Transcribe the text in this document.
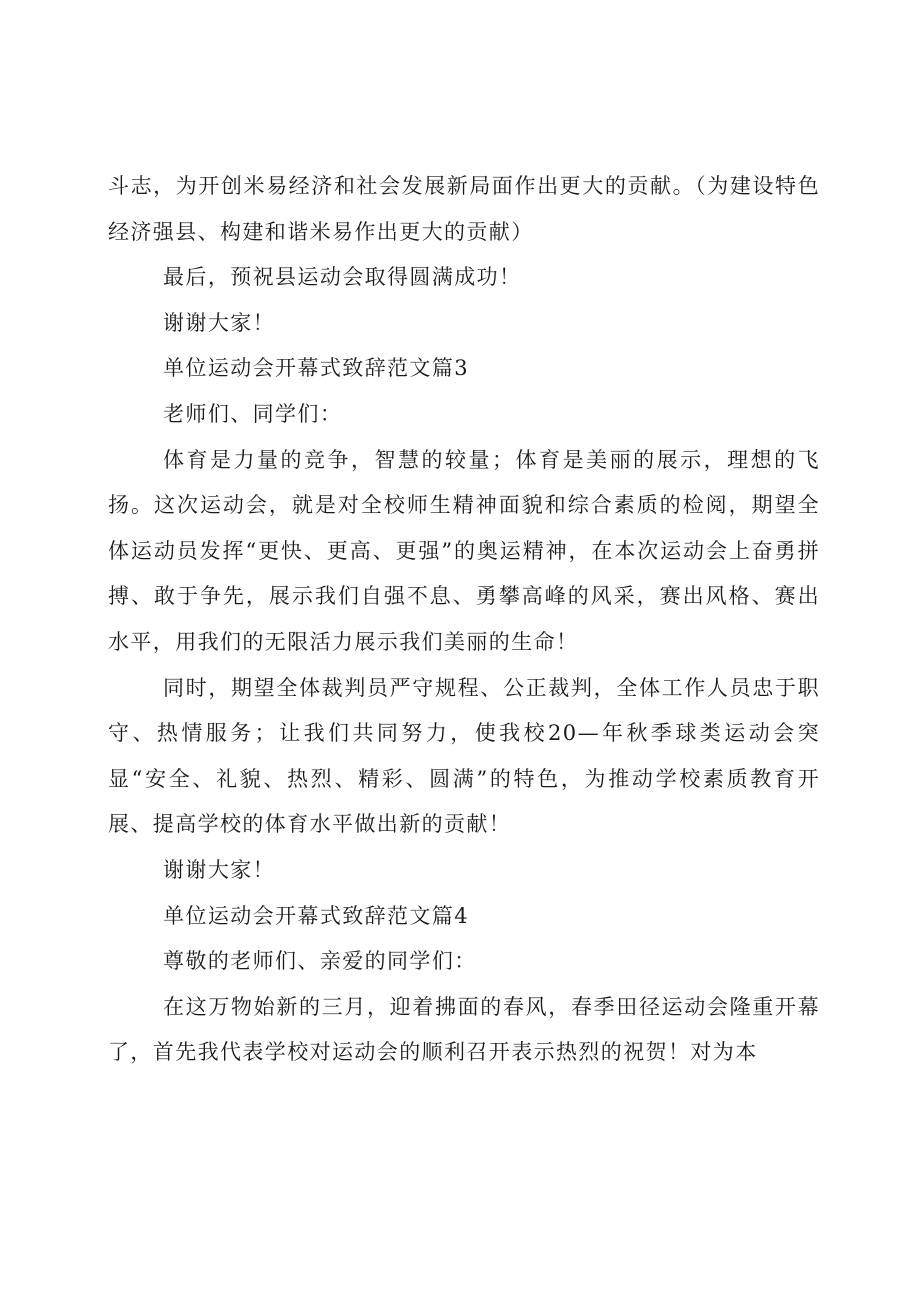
斗志，为开创米易经济和社会发展新局面作出更大的贡献。（为建设特色经济强县、构建和谐米易作出更大的贡献）

最后，预祝县运动会取得圆满成功！

谢谢大家！

单位运动会开幕式致辞范文篇3

老师们、同学们：

体育是力量的竞争，智慧的较量；体育是美丽的展示，理想的飞扬。这次运动会，就是对全校师生精神面貌和综合素质的检阅，期望全体运动员发挥“更快、更高、更强”的奥运精神，在本次运动会上奋勇拼搏、敢于争先，展示我们自强不息、勇攀高峰的风采，赛出风格、赛出水平，用我们的无限活力展示我们美丽的生命！

同时，期望全体裁判员严守规程、公正裁判，全体工作人员忠于职守、热情服务；让我们共同努力，使我校20—年秋季球类运动会突显“安全、礼貌、热烈、精彩、圆满”的特色，为推动学校素质教育开展、提高学校的体育水平做出新的贡献！

谢谢大家！

单位运动会开幕式致辞范文篇4

尊敬的老师们、亲爱的同学们：

在这万物始新的三月，迎着拂面的春风，春季田径运动会隆重开幕了，首先我代表学校对运动会的顺利召开表示热烈的祝贺！对为本
